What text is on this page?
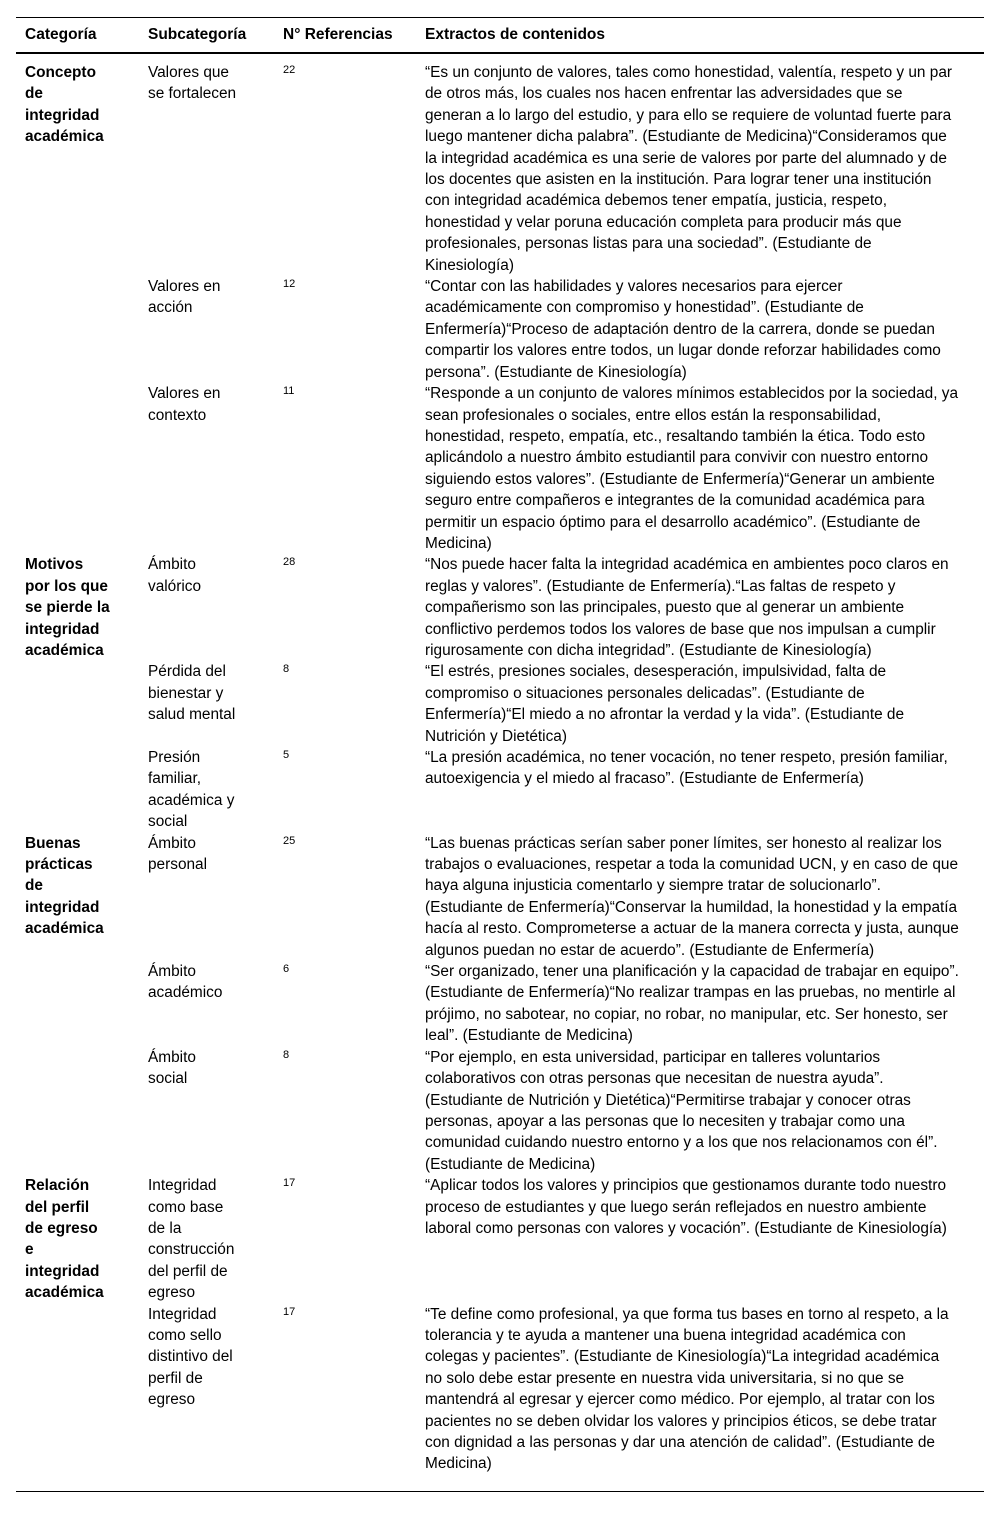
Categoría	Subcategoría	N° Referencias	Extractos de contenidos
Concepto de integridad académica	Valores que se fortalecen	$^{22}$	“Es un conjunto de valores, tales como honestidad, valentía, respeto y un par de otros más, los cuales nos hacen enfrentar las adversidades que se generan a lo largo del estudio, y para ello se requiere de voluntad fuerte para luego mantener dicha palabra”. (Estudiante de Medicina)“Consideramos que la integridad académica es una serie de valores por parte del alumnado y de los docentes que asisten en la institución. Para lograr tener una institución con integridad académica debemos tener empatía, justicia, respeto, honestidad y velar poruna educación completa para producir más que profesionales, personas listas para una sociedad”. (Estudiante de Kinesiología)
	Valores en acción	$^{12}$	“Contar con las habilidades y valores necesarios para ejercer académicamente con compromiso y honestidad”. (Estudiante de Enfermería)“Proceso de adaptación dentro de la carrera, donde se puedan compartir los valores entre todos, un lugar donde reforzar habilidades como persona”. (Estudiante de Kinesiología)
	Valores en contexto	$^{11}$	“Responde a un conjunto de valores mínimos establecidos por la sociedad, ya sean profesionales o sociales, entre ellos están la responsabilidad, honestidad, respeto, empatía, etc., resaltando también la ética. Todo esto aplicándolo a nuestro ámbito estudiantil para convivir con nuestro entorno siguiendo estos valores”. (Estudiante de Enfermería)“Generar un ambiente seguro entre compañeros e integrantes de la comunidad académica para permitir un espacio óptimo para el desarrollo académico”. (Estudiante de Medicina)
Motivos por los que se pierde la integridad académica	Ámbito valórico	$^{28}$	“Nos puede hacer falta la integridad académica en ambientes poco claros en reglas y valores”. (Estudiante de Enfermería).“Las faltas de respeto y compañerismo son las principales, puesto que al generar un ambiente conflictivo perdemos todos los valores de base que nos impulsan a cumplir rigurosamente con dicha integridad”. (Estudiante de Kinesiología)
	Pérdida del bienestar y salud mental	$^8$	“El estrés, presiones sociales, desesperación, impulsividad, falta de compromiso o situaciones personales delicadas”. (Estudiante de Enfermería)“El miedo a no afrontar la verdad y la vida”. (Estudiante de Nutrición y Dietética)
	Presión familiar, académica y social	$^5$	“La presión académica, no tener vocación, no tener respeto, presión familiar, autoexigencia y el miedo al fracaso”. (Estudiante de Enfermería)
Buenas prácticas de integridad académica	Ámbito personal	$^{25}$	“Las buenas prácticas serían saber poner límites, ser honesto al realizar los trabajos o evaluaciones, respetar a toda la comunidad UCN, y en caso de que haya alguna injusticia comentarlo y siempre tratar de solucionarlo”. (Estudiante de Enfermería)“Conservar la humildad, la honestidad y la empatía hacía al resto. Comprometerse a actuar de la manera correcta y justa, aunque algunos puedan no estar de acuerdo”. (Estudiante de Enfermería)
	Ámbito académico	$^6$	“Ser organizado, tener una planificación y la capacidad de trabajar en equipo”. (Estudiante de Enfermería)“No realizar trampas en las pruebas, no mentirle al prójimo, no sabotear, no copiar, no robar, no manipular, etc. Ser honesto, ser leal”. (Estudiante de Medicina)
	Ámbito social	$^8$	“Por ejemplo, en esta universidad, participar en talleres voluntarios colaborativos con otras personas que necesitan de nuestra ayuda”. (Estudiante de Nutrición y Dietética)“Permitirse trabajar y conocer otras personas, apoyar a las personas que lo necesiten y trabajar como una comunidad cuidando nuestro entorno y a los que nos relacionamos con él”. (Estudiante de Medicina)
Relación del perfil de egreso e integridad académica	Integridad como base de la construcción del perfil de egreso	$^{17}$	“Aplicar todos los valores y principios que gestionamos durante todo nuestro proceso de estudiantes y que luego serán reflejados en nuestro ambiente laboral como personas con valores y vocación”. (Estudiante de Kinesiología)
	Integridad como sello distintivo del perfil de egreso	$^{17}$	“Te define como profesional, ya que forma tus bases en torno al respeto, a la tolerancia y te ayuda a mantener una buena integridad académica con colegas y pacientes”. (Estudiante de Kinesiología)“La integridad académica no solo debe estar presente en nuestra vida universitaria, si no que se mantendrá al egresar y ejercer como médico. Por ejemplo, al tratar con los pacientes no se deben olvidar los valores y principios éticos, se debe tratar con dignidad a las personas y dar una atención de calidad”. (Estudiante de Medicina)
